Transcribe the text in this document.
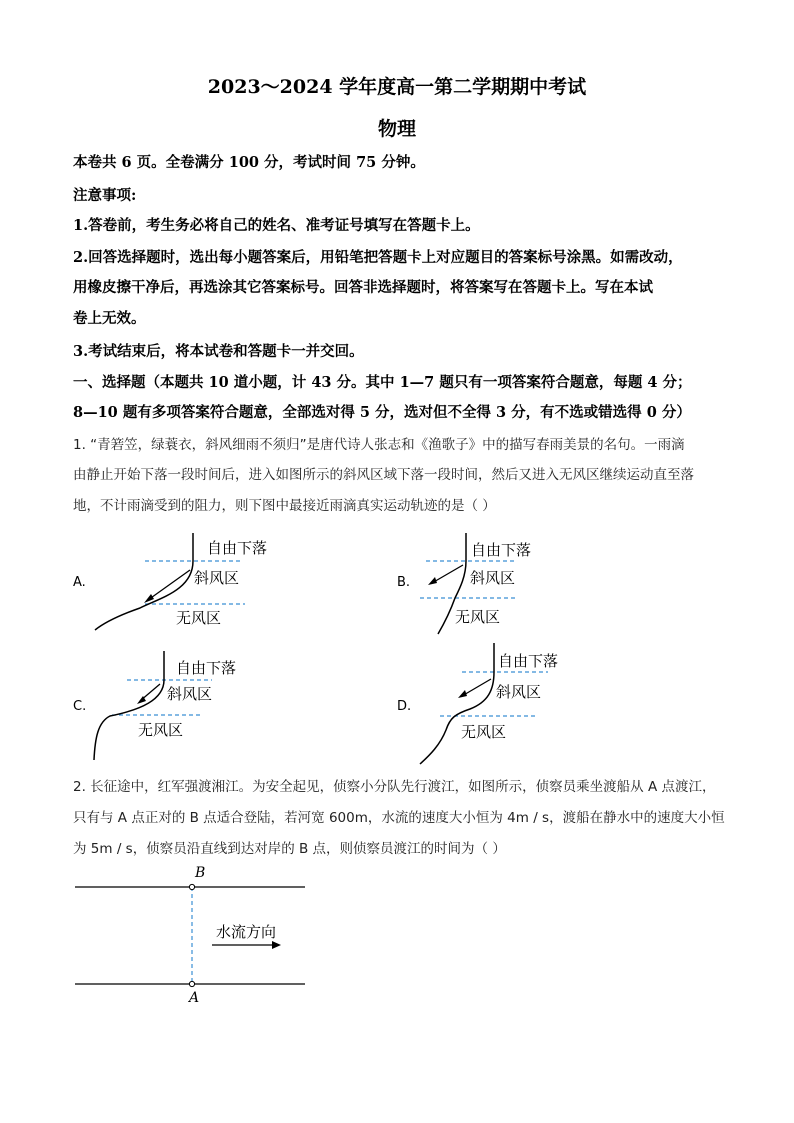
2023～2024 学年度高一第二学期期中考试
物理
本卷共 6 页。全卷满分 100 分，考试时间 75 分钟。
注意事项:
1.答卷前，考生务必将自己的姓名、准考证号填写在答题卡上。
2.回答选择题时，选出每小题答案后，用铅笔把答题卡上对应题目的答案标号涂黑。如需改动，
用橡皮擦干净后，再选涂其它答案标号。回答非选择题时，将答案写在答题卡上。写在本试
卷上无效。
3.考试结束后，将本试卷和答题卡一并交回。
一、选择题（本题共 10 道小题，计 43 分。其中 1—7 题只有一项答案符合题意，每题 4 分；
8—10 题有多项答案符合题意，全部选对得 5 分，选对但不全得 3 分，有不选或错选得 0 分）
1. “青箬笠，绿蓑衣，斜风细雨不须归”是唐代诗人张志和《渔歌子》中的描写春雨美景的名句。一雨滴
由静止开始下落一段时间后，进入如图所示的斜风区域下落一段时间，然后又进入无风区继续运动直至落
地，不计雨滴受到的阻力，则下图中最接近雨滴真实运动轨迹的是（ ）
A.
自由下落
斜风区
无风区
B.
自由下落
斜风区
无风区
C.
自由下落
斜风区
无风区
D.
自由下落
斜风区
无风区
B
A
水流方向
2. 长征途中，红军强渡湘江。为安全起见，侦察小分队先行渡江，如图所示，侦察员乘坐渡船从 A 点渡江，
只有与 A 点正对的 B 点适合登陆，若河宽 600m，水流的速度大小恒为 4m / s，渡船在静水中的速度大小恒
为 5m / s，侦察员沿直线到达对岸的 B 点，则侦察员渡江的时间为（ ）
